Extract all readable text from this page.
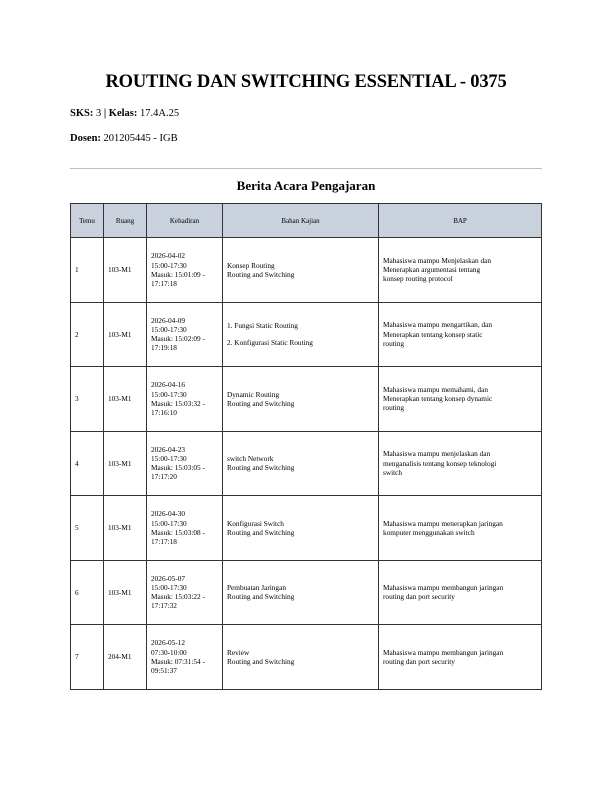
ROUTING DAN SWITCHING ESSENTIAL - 0375
SKS: 3 | Kelas: 17.4A.25
Dosen: 201205445 - IGB
Berita Acara Pengajaran
Temu	Ruang	Kehadiran	Bahan Kajian	BAP
1	103-M1	2026-04-02
15:00-17:30
Masuk: 15:01:09 -
17:17:18	Konsep Routing
Routing and Switching	Mahasiswa mampu Menjelaskan dan
Menerapkan argumentasi tentang
konsep routing protocol

2	103-M1	2026-04-09
15:00-17:30
Masuk: 15:02:09 -
17:19:18	1. Fungsi Static Routing
2. Konfigurasi Static Routing	Mahasiswa mampu mengartikan, dan
Menerapkan tentang konsep static
routing

3	103-M1	2026-04-16
15:00-17:30
Masuk: 15:03:32 -
17:16:10	Dynamic Routing
Routing and Switching	Mahasiswa mampu memahami, dan
Menerapkan tentang konsep dynamic
routing

4	103-M1	2026-04-23
15:00-17:30
Masuk: 15:03:05 -
17:17:20	switch Network
Routing and Switching	Mahasiswa mampu menjelaskan dan
menganalisis tentang konsep teknologi
switch

5	103-M1	2026-04-30
15:00-17:30
Masuk: 15:03:08 -
17:17:18	Konfigurasi Switch
Routing and Switching	Mahasiswa mampu menerapkan jaringan
komputer menggunakan switch

6	103-M1	2026-05-07
15:00-17:30
Masuk: 15:03:22 -
17:17:32	Pembuatan Jaringan
Routing and Switching	Mahasiswa mampu membangun jaringan
routing dan port security

7	204-M1	2026-05-12
07:30-10:00
Masuk: 07:31:54 -
09:51:37	Review
Routing and Switching	Mahasiswa mampu membangun jaringan
routing dan port security
